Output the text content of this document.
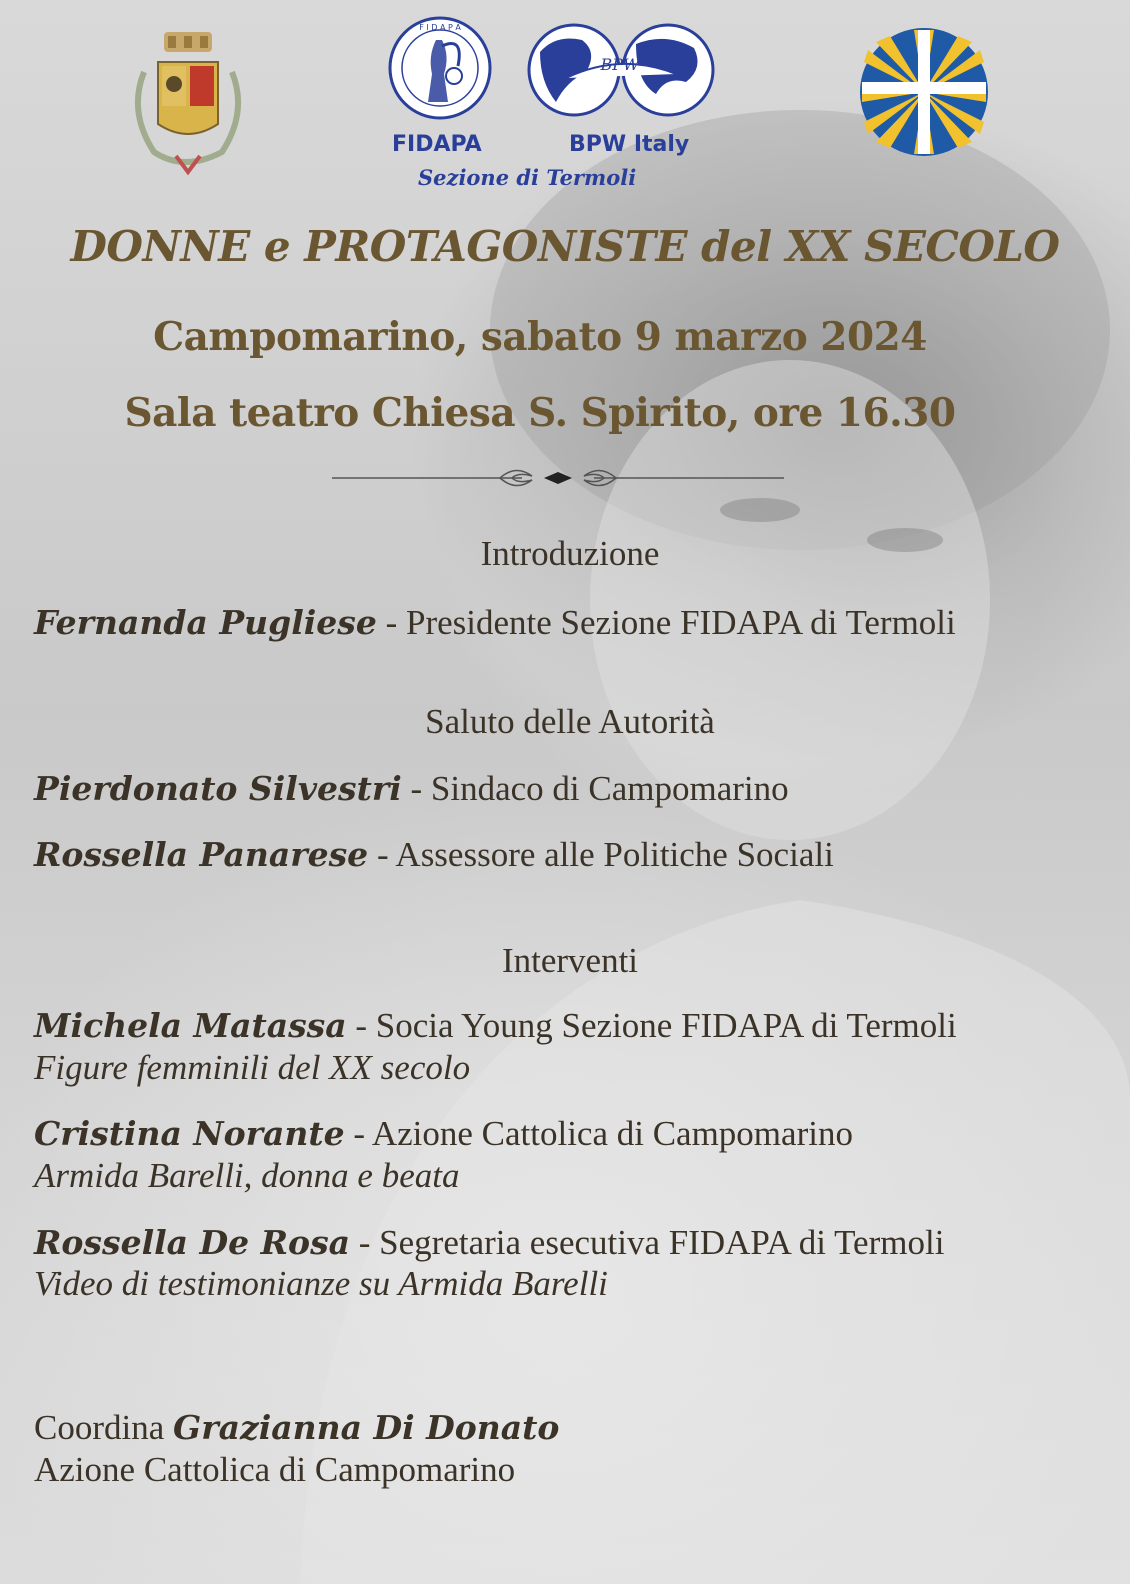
F I D A P A
FIDAPA
BPW
BPW Italy
Sezione di Termoli
DONNE e PROTAGONISTE del XX SECOLO
Campomarino, sabato 9 marzo 2024
Sala teatro Chiesa S. Spirito, ore 16.30
Introduzione
Fernanda Pugliese - Presidente Sezione FIDAPA di Termoli
Saluto delle Autorità
Pierdonato Silvestri - Sindaco di Campomarino
Rossella Panarese - Assessore alle Politiche Sociali
Interventi
Michela Matassa - Socia Young Sezione FIDAPA di Termoli
Figure femminili del XX secolo
Cristina Norante - Azione Cattolica di Campomarino
Armida Barelli, donna e beata
Rossella De Rosa - Segretaria esecutiva FIDAPA di Termoli
Video di testimonianze su Armida Barelli
Coordina Grazianna Di Donato
Azione Cattolica di Campomarino
